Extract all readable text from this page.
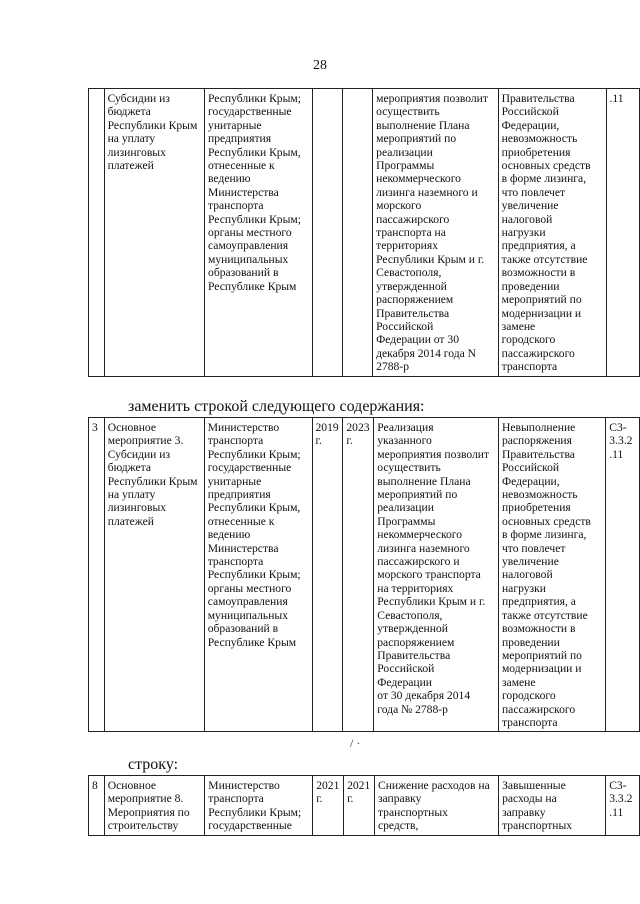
28
	Субсидии из
бюджета
Республики Крым
на уплату
лизинговых
платежей	Республики Крым;
государственные
унитарные
предприятия
Республики Крым,
отнесенные к
ведению
Министерства
транспорта
Республики Крым;
органы местного
самоуправления
муниципальных
образований в
Республике Крым			мероприятия позволит
осуществить
выполнение Плана
мероприятий по
реализации
Программы
некоммерческого
лизинга наземного и
морского
пассажирского
транспорта на
территориях
Республики Крым и г.
Севастополя,
утвержденной
распоряжением
Правительства
Российской
Федерации от 30
декабря 2014 года N
2788-р	Правительства
Российской
Федерации,
невозможность
приобретения
основных средств
в форме лизинга,
что повлечет
увеличение
налоговой
нагрузки
предприятия, а
также отсутствие
возможности в
проведении
мероприятий по
модернизации и
замене
городского
пассажирского
транспорта	.11
заменить строкой следующего содержания:
3	Основное
мероприятие 3.
Субсидии из
бюджета
Республики Крым
на уплату
лизинговых
платежей	Министерство
транспорта
Республики Крым;
государственные
унитарные
предприятия
Республики Крым,
отнесенные к
ведению
Министерства
транспорта
Республики Крым;
органы местного
самоуправления
муниципальных
образований в
Республике Крым	2019
г.	2023
г.	Реализация
указанного
мероприятия позволит
осуществить
выполнение Плана
мероприятий по
реализации
Программы
некоммерческого
лизинга наземного
пассажирского и
морского транспорта
на территориях
Республики Крым и г.
Севастополя,
утвержденной
распоряжением
Правительства
Российской
Федерации
от 30 декабря 2014
года № 2788-р	Невыполнение
распоряжения
Правительства
Российской
Федерации,
невозможность
приобретения
основных средств
в форме лизинга,
что повлечет
увеличение
налоговой
нагрузки
предприятия, а
также отсутствие
возможности в
проведении
мероприятий по
модернизации и
замене
городского
пассажирского
транспорта	С3-
3.3.2
.11
/ ·
строку:
8	Основное
мероприятие 8.
Мероприятия по
строительству	Министерство
транспорта
Республики Крым;
государственные	2021
г.	2021
г.	Снижение расходов на
заправку
транспортных
средств,	Завышенные
расходы на
заправку
транспортных	С3-
3.3.2
.11
